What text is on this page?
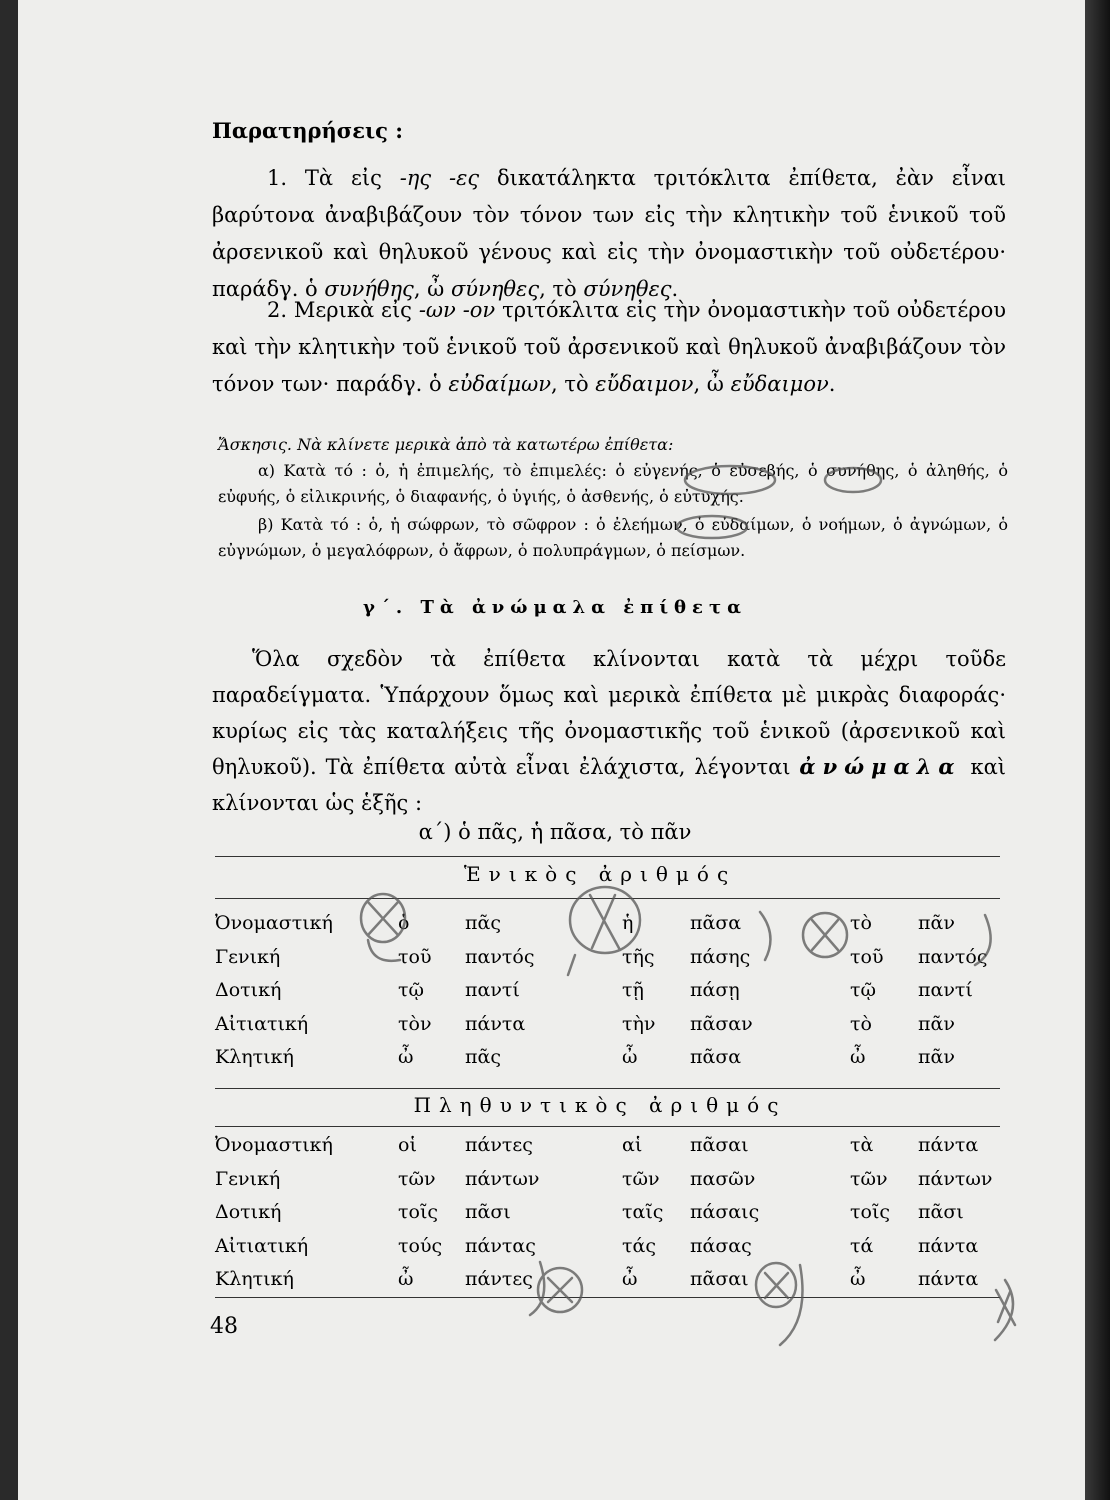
Παρατηρήσεις :
1. Τὰ εἰς -ης -ες δικατάληκτα τριτόκλιτα ἐπίθετα, ἐὰν εἶναι βαρύτονα ἀναβιβάζουν τὸν τόνον των εἰς τὴν κλητικὴν τοῦ ἑνικοῦ τοῦ ἀρσενικοῦ καὶ θηλυκοῦ γένους καὶ εἰς τὴν ὀνομαστικὴν τοῦ οὐδετέρου· παράδγ. ὁ συνήθης, ὦ σύνηθες, τὸ σύνηθες.
2. Μερικὰ εἰς -ων -ον τριτόκλιτα εἰς τὴν ὀνομαστικὴν τοῦ οὐδετέρου καὶ τὴν κλητικὴν τοῦ ἑνικοῦ τοῦ ἀρσενικοῦ καὶ θηλυκοῦ ἀναβιβάζουν τὸν τόνον των· παράδγ. ὁ εὐδαίμων, τὸ εὔδαιμον, ὦ εὔδαιμον.
Ἄσκησις. Νὰ κλίνετε μερικὰ ἀπὸ τὰ κατωτέρω ἐπίθετα:
α) Κατὰ τό : ὁ, ἡ ἐπιμελής, τὸ ἐπιμελές: ὁ εὐγενής, ὁ εὐσεβής, ὁ συνήθης, ὁ ἀληθής, ὁ εὐφυής, ὁ εἰλικρινής, ὁ διαφανής, ὁ ὑγιής, ὁ ἀσθενής, ὁ εὐτυχής.
β) Κατὰ τό : ὁ, ἡ σώφρων, τὸ σῶφρον : ὁ ἐλεήμων, ὁ εὐδαίμων, ὁ νοήμων, ὁ ἀγνώμων, ὁ εὐγνώμων, ὁ μεγαλόφρων, ὁ ἄφρων, ὁ πολυπράγμων, ὁ πείσμων.
γ΄. Τὰ ἀνώμαλα ἐπίθετα
Ὅλα σχεδὸν τὰ ἐπίθετα κλίνονται κατὰ τὰ μέχρι τοῦδε παραδείγματα. Ὑπάρχουν ὅμως καὶ μερικὰ ἐπίθετα μὲ μικρὰς διαφοράς· κυρίως εἰς τὰς καταλήξεις τῆς ὀνομαστικῆς τοῦ ἑνικοῦ (ἀρσενικοῦ καὶ θηλυκοῦ). Τὰ ἐπίθετα αὐτὰ εἶναι ἐλάχιστα, λέγονται ἀνώμαλα καὶ κλίνονται ὡς ἑξῆς :
α΄) ὁ πᾶς, ἡ πᾶσα, τὸ πᾶν
Ἑνικὸς ἀριθμός
Πληθυντικὸς ἀριθμός
Ὀνομαστική	ὁ	πᾶς	ἡ	πᾶσα	τὸ πᾶν
Γενική	τοῦ παντός	τῆς πάσης	τοῦ παντός
Δοτική	τῷ παντί	τῇ πάσῃ	τῷ παντί
Αἰτιατική	τὸν πάντα	τὴν πᾶσαν	τὸ πᾶν
Κλητική	ὦ	πᾶς	ὦ	πᾶσα	ὦ	πᾶν
Ὀνομαστική	οἱ	πάντες	αἱ	πᾶσαι	τὰ πάντα
Γενική	τῶν πάντων	τῶν πασῶν	τῶν πάντων
Δοτική	τοῖς πᾶσι	ταῖς πάσαις	τοῖς πᾶσι
Αἰτιατική	τούς πάντας	τάς πάσας	τά πάντα
Κλητική	ὦ	πάντες	ὦ	πᾶσαι	ὦ	πάντα
48
